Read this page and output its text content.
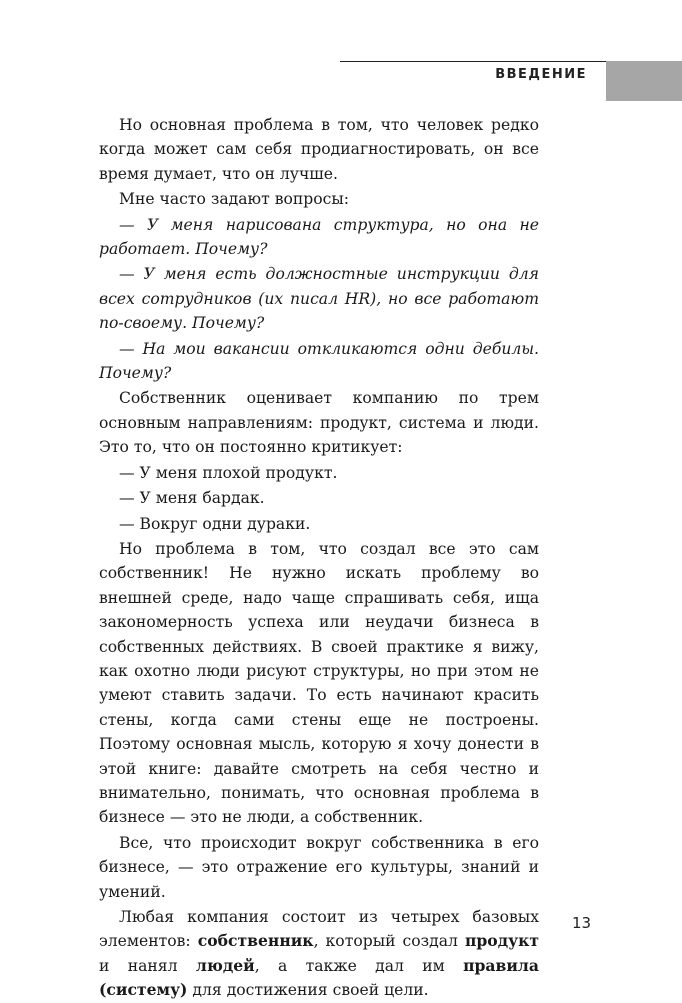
ВВЕДЕНИЕ

Но основная проблема в том, что человек редко когда может сам себя продиагностировать, он все время думает, что он лучше.

Мне часто задают вопросы:

— У меня нарисована структура, но она не работает. Почему?

— У меня есть должностные инструкции для всех сотрудников (их писал HR), но все работают по-своему. Почему?

— На мои вакансии откликаются одни дебилы. Почему?

Собственник оценивает компанию по трем основным направлениям: продукт, система и люди. Это то, что он постоянно критикует:

— У меня плохой продукт.

— У меня бардак.

— Вокруг одни дураки.

Но проблема в том, что создал все это сам собственник! Не нужно искать проблему во внешней среде, надо чаще спрашивать себя, ища закономерность успеха или неудачи бизнеса в собственных действиях. В своей практике я вижу, как охотно люди рисуют структуры, но при этом не умеют ставить задачи. То есть начинают красить стены, когда сами стены еще не построены. Поэтому основная мысль, которую я хочу донести в этой книге: давайте смотреть на себя честно и внимательно, понимать, что основная проблема в бизнесе — это не люди, а собственник.

Все, что происходит вокруг собственника в его бизнесе, — это отражение его культуры, знаний и умений.

Любая компания состоит из четырех базовых элементов: собственник, который создал продукт и нанял людей, а также дал им правила (систему) для достижения своей цели.

13
